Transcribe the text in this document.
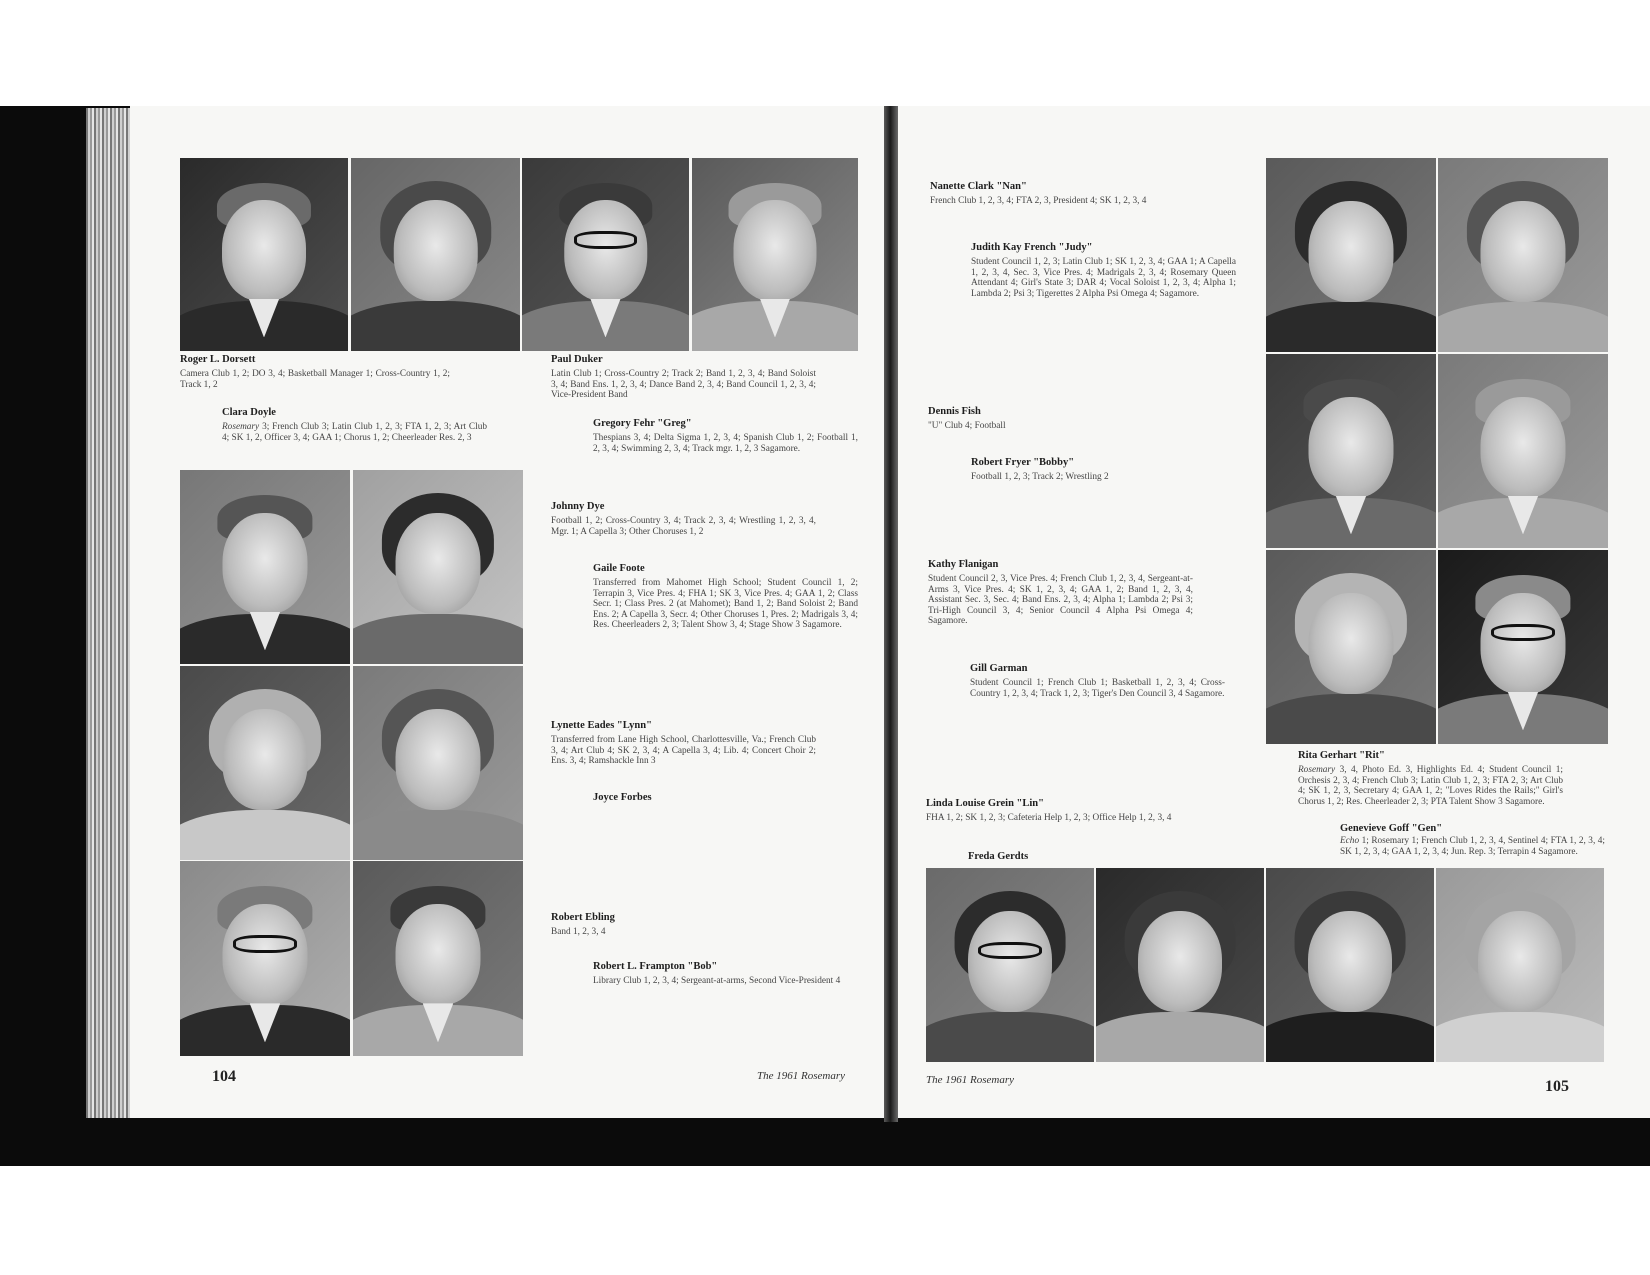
Roger L. Dorsett
Camera Club 1, 2; DO 3, 4; Basketball Manager 1; Cross-Country 1, 2; Track 1, 2
Clara Doyle
Rosemary 3; French Club 3; Latin Club 1, 2, 3; FTA 1, 2, 3; Art Club 4; SK 1, 2, Officer 3, 4; GAA 1; Chorus 1, 2; Cheerleader Res. 2, 3
Paul Duker
Latin Club 1; Cross-Country 2; Track 2; Band 1, 2, 3, 4; Band Soloist 3, 4; Band Ens. 1, 2, 3, 4; Dance Band 2, 3, 4; Band Council 1, 2, 3, 4; Vice-President Band
Gregory Fehr "Greg"
Thespians 3, 4; Delta Sigma 1, 2, 3, 4; Spanish Club 1, 2; Football 1, 2, 3, 4; Swimming 2, 3, 4; Track mgr. 1, 2, 3 Sagamore.
Johnny Dye
Football 1, 2; Cross-Country 3, 4; Track 2, 3, 4; Wrestling 1, 2, 3, 4, Mgr. 1; A Capella 3; Other Choruses 1, 2
Gaile Foote
Transferred from Mahomet High School; Student Council 1, 2; Terrapin 3, Vice Pres. 4; FHA 1; SK 3, Vice Pres. 4; GAA 1, 2; Class Secr. 1; Class Pres. 2 (at Mahomet); Band 1, 2; Band Soloist 2; Band Ens. 2; A Capella 3, Secr. 4; Other Choruses 1, Pres. 2; Madrigals 3, 4; Res. Cheerleaders 2, 3; Talent Show 3, 4; Stage Show 3 Sagamore.
Lynette Eades "Lynn"
Transferred from Lane High School, Charlottesville, Va.; French Club 3, 4; Art Club 4; SK 2, 3, 4; A Capella 3, 4; Lib. 4; Concert Choir 2; Ens. 3, 4; Ramshackle Inn 3
Joyce Forbes
Robert Ebling
Band 1, 2, 3, 4
Robert L. Frampton "Bob"
Library Club 1, 2, 3, 4; Sergeant-at-arms, Second Vice-President 4
104	The 1961 Rosemary
Nanette Clark "Nan"
French Club 1, 2, 3, 4; FTA 2, 3, President 4; SK 1, 2, 3, 4
Judith Kay French "Judy"
Student Council 1, 2, 3; Latin Club 1; SK 1, 2, 3, 4; GAA 1; A Capella 1, 2, 3, 4, Sec. 3, Vice Pres. 4; Madrigals 2, 3, 4; Rosemary Queen Attendant 4; Girl's State 3; DAR 4; Vocal Soloist 1, 2, 3, 4; Alpha 1; Lambda 2; Psi 3; Tigerettes 2 Alpha Psi Omega 4; Sagamore.
Dennis Fish
"U" Club 4; Football
Robert Fryer "Bobby"
Football 1, 2, 3; Track 2; Wrestling 2
Kathy Flanigan
Student Council 2, 3, Vice Pres. 4; French Club 1, 2, 3, 4, Sergeant-at-Arms 3, Vice Pres. 4; SK 1, 2, 3, 4; GAA 1, 2; Band 1, 2, 3, 4, Assistant Sec. 3, Sec. 4; Band Ens. 2, 3, 4; Alpha 1; Lambda 2; Psi 3; Tri-High Council 3, 4; Senior Council 4 Alpha Psi Omega 4; Sagamore.
Gill Garman
Student Council 1; French Club 1; Basketball 1, 2, 3, 4; Cross-Country 1, 2, 3, 4; Track 1, 2, 3; Tiger's Den Council 3, 4 Sagamore.
Rita Gerhart "Rit"
Rosemary 3, 4, Photo Ed. 3, Highlights Ed. 4; Student Council 1; Orchesis 2, 3, 4; French Club 3; Latin Club 1, 2, 3; FTA 2, 3; Art Club 4; SK 1, 2, 3, Secretary 4; GAA 1, 2; "Loves Rides the Rails;" Girl's Chorus 1, 2; Res. Cheerleader 2, 3; PTA Talent Show 3 Sagamore.
Linda Louise Grein "Lin"
FHA 1, 2; SK 1, 2, 3; Cafeteria Help 1, 2, 3; Office Help 1, 2, 3, 4
Genevieve Goff "Gen"
Echo 1; Rosemary 1; French Club 1, 2, 3, 4, Sentinel 4; FTA 1, 2, 3, 4; SK 1, 2, 3, 4; GAA 1, 2, 3, 4; Jun. Rep. 3; Terrapin 4 Sagamore.
Freda Gerdts
The 1961 Rosemary	105
